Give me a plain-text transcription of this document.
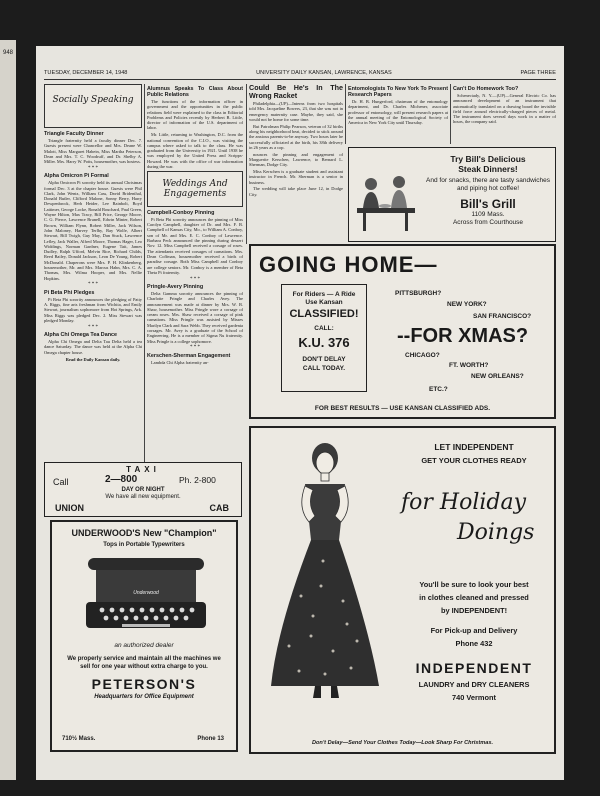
948
TUESDAY, DECEMBER 14, 1948	UNIVERSITY DAILY KANSAN, LAWRENCE, KANSAS	PAGE THREE
Socially Speaking
Triangle Faculty Dinner

Triangle fraternity held a faculty dinner Dec. 7. Guests present were Chancellor and Mrs. Deane W. Malott, Miss Margaret Habein, Miss Martha Peterson, Dean and Mrs. T. C. Woodruff, and Dr. Shelby A. Miller. Mrs. Harry W. Potts, housemother, was hostess.

* * *
Alpha Omicron Pi Formal

Alpha Omicron Pi sorority held its annual Christmas formal Dec. 3 at the chapter house. Guests were Phil Clark, John Wentz, William Cass, David Bridenthal, Donald Butler, Clifford Malone, Sonny Berry, Harry Dewpenbrock, Herb Heider, Lee Rainbolt, Boyd Lattimer, George Locke, Ronald Bouchard, Paul Green, Wayne Hilton, Max Tracy, Bill Price, George Moore, C. G. Pierce, Lawrence Brunell, Edwin Minter, Robert Brown, William Flynn, Robert Miller, Jack Wilson, John Maloney, Harvey Terlby, Ray Wolfe, Albert Stewart, Bill Twigh, Guy May, Dan Stuck, Lawrence Lefley, Jack Waller, Alfred Moore, Thomas Hager, Leo Widdings, Norman Gardner, Eugene Tait, James Dudley, Ralph Ufford, Melvin Rice, Richard Childs, Reed Bailey, Donald Jackson, Leon De Young, Robert McDonald. Chaperons were Mrs. P. H. Klinkenberg, housemother, Mr. and Mrs. Marcus Hahn, Mrs. C. A. Thomas, Mrs. Wilma Hooper, and Mrs. Nellie Hopkins.

* * *
Pi Beta Phi Pledges

Pi Beta Phi sorority announces the pledging of Patty A. Riggs, fine arts freshman from Wichita, and Emily Stewart, journalism sophomore from Hot Springs, Ark. Miss Riggs was pledged Dec. 2. Miss Stewart was pledged Monday.

* * *
Alpha Chi Omega Tea Dance

Alpha Chi Omega and Delta Tau Delta held a tea dance Saturday. The dance was held at the Alpha Chi Omega chapter house.

Read the Daily Kansan daily.

Alumnus Speaks To Class About Public Relations

The functions of the information officer in government and the opportunities in the public relations field were explained to the class in Editorial Problems and Policies recently by Herbert B. Little, director of information of the U.S. department of labor.

Mr. Little, returning to Washington, D.C. from the national convention of the C.I.O., was visiting the campus where asked to talk to the class. He was graduated from the University in 1921. Until 1938 he was employed by the United Press and Scripps-Howard. He was with the office of war information during the war.

Weddings And Engagements
Campbell-Conboy Pinning

Pi Beta Phi sorority announces the pinning of Miss Carolyn Campbell, daughter of Dr. and Mrs. F. B. Campbell of Kansas City, Mo., to William A. Conboy, son of Mr. and Mrs. E. C. Conboy of Lawrence. Barbara Peck announced the pinning during dessert Nov. 12. Miss Campbell received a corsage of roses. The attendants received corsages of carnations. Mrs. Dean Coffman, housemother received a birds of paradise corsage. Both Miss Campbell and Conboy are college seniors. Mr. Conboy is a member of Beta Theta Pi fraternity.

* * *
Pringle-Avery Pinning

Delta Gamma sorority announces the pinning of Charlotte Pringle and Charles Avey. The announcement was made at dinner by Mrs. W. B. Shaw, housemother. Miss Pringle wore a corsage of cream roses. Mrs. Shaw received a corsage of pink carnations. Miss Pringle was assisted by Misses Marilyn Clark and Sara Webb. They received gardenia corsages. Mr. Avey is a graduate of the School of Engineering. He is a member of Sigma Nu fraternity. Miss Pringle is a college sophomore.

* * *
Kerschen-Sherman Engagement

Lambda Chi Alpha fraternity an-

Could Be He's In The Wrong Racket

Philadelphia—(UP)—Interns from two hospitals told Mrs. Jacqueline Bowers, 23, that she was not in emergency maternity case. Maybe, they said, she would not be home for some time.

But Patrolman Philip Pearson, veteran of 32 births along his neighborhood beat, decided to stick around the anxious parents-to-be anyway. Two hours later he successfully officiated at the birth, his 38th delivery in 26 years as a cop.

nounces the pinning and engagement of Marguerite Kerschen, Lawrence, to Bernard L. Sherman, Dodge City.

Miss Kerschen is a graduate student and assistant instructor in French. Mr. Sherman is a senior in business.

The wedding will take place June 12, in Dodge City.

Entomologists To New York To Present Research Papers

Dr. H. B. Hungerford, chairman of the entomology department, and Dr. Charles Michener, associate professor of entomology, will present research papers at the annual meeting of the Entomological Society of America in New York City until Thursday.

Can't Do Homework Too?

Schenectady, N. Y.—(UP)—General Electric Co. has announced development of an instrument that automatically translated on a drawing board the invisible field force around electrically-charged pieces of metal. The instrument does several days work in a matter of hours, the company said.

Try Bill's Delicious
Steak Dinners!
And for snacks, there are tasty sandwiches and piping hot coffee!
Bill's Grill
1109 Mass.
Across from Courthouse
GOING HOME—
For Riders — A Ride
Use Kansan
CLASSIFIED!
CALL:
K.U. 376
DON'T DELAY
CALL TODAY.
PITTSBURGH?
NEW YORK?
SAN FRANCISCO?
--FOR XMAS?
CHICAGO?
FT. WORTH?
NEW ORLEANS?
ETC.?
FOR BEST RESULTS — USE KANSAN CLASSIFIED ADS.
TAXI
Call	2—800	Ph. 2-800
DAY OR NIGHT
We have all new equipment.
UNION	CAB
UNDERWOOD'S New "Champion"
Tops in Portable Typewriters
Underwood
an authorized dealer
We properly service and maintain all the machines we sell for one year without extra charge to you.
PETERSON'S
Headquarters for Office Equipment
710½ Mass.	Phone 13
LET INDEPENDENT
GET YOUR CLOTHES READY
for Holiday
Doings
You'll be sure to look your best
in clothes cleaned and pressed
by INDEPENDENT!
For Pick-up and Delivery
Phone 432
INDEPENDENT
LAUNDRY and DRY CLEANERS
740 Vermont
Don't Delay—Send Your Clothes Today—Look Sharp For Christmas.
